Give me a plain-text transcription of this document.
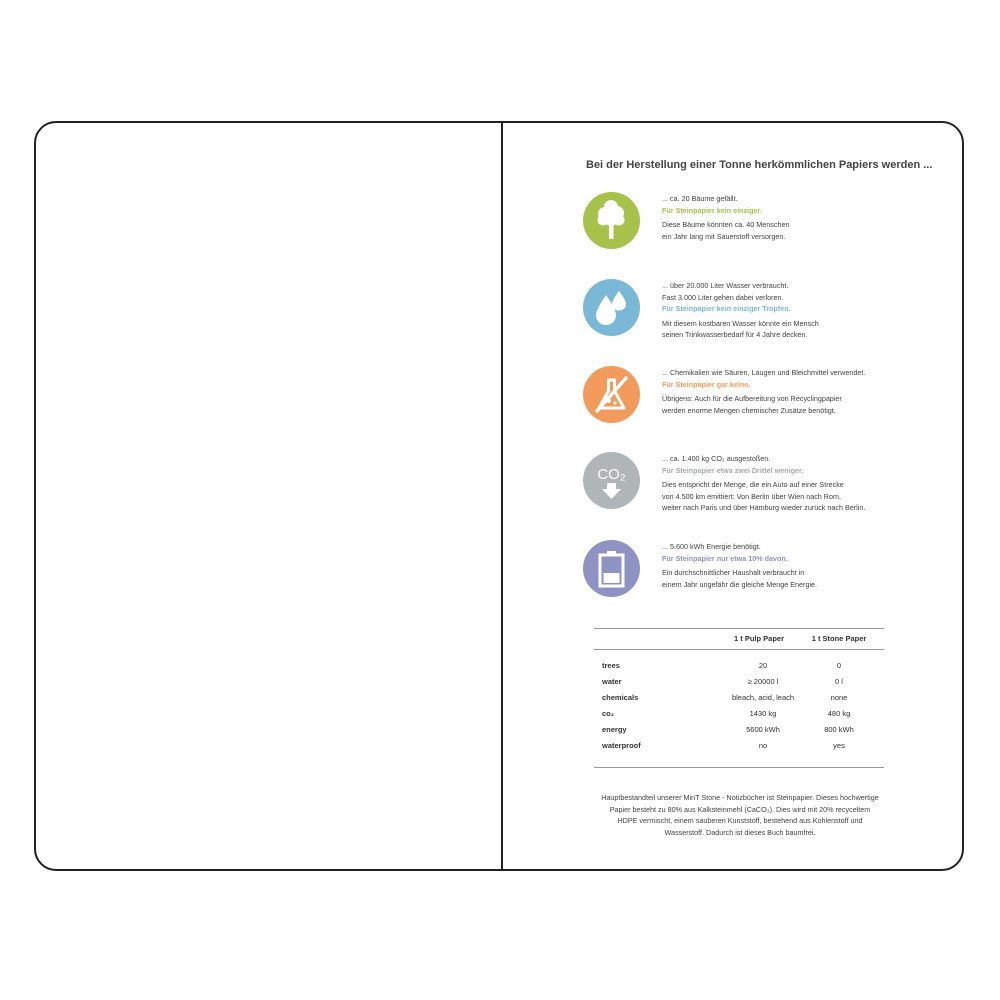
Bei der Herstellung einer Tonne herkömmlichen Papiers werden ...
... ca. 20 Bäume gefällt.
Für Steinpapier kein einziger.
Diese Bäume könnten ca. 40 Menschen
ein Jahr lang mit Sauerstoff versorgen.
... über 20.000 Liter Wasser verbraucht.
Fast 3.000 Liter gehen dabei verloren.
Für Steinpapier kein einziger Tropfen.
Mit diesem kostbaren Wasser könnte ein Mensch
seinen Trinkwasserbedarf für 4 Jahre decken.
... Chemikalien wie Säuren, Laugen und Bleichmittel verwendet.
Für Steinpapier gar keine.
Übrigens: Auch für die Aufbereitung von Recyclingpapier
werden enorme Mengen chemischer Zusätze benötigt.
CO₂
... ca. 1.400 kg CO₂ ausgestoßen.
Für Steinpapier etwa zwei Drittel weniger.
Dies entspricht der Menge, die ein Auto auf einer Strecke
von 4.500 km emittiert: Von Berlin über Wien nach Rom,
weiter nach Paris und über Hamburg wieder zurück nach Berlin.
... 5.600 kWh Energie benötigt.
Für Steinpapier nur etwa 10% davon.
Ein durchschnittlicher Haushalt verbraucht in
einem Jahr ungefähr die gleiche Menge Energie.
1 t Pulp Paper	1 t Stone Paper
trees	20	0
water	≥ 20000 l	0 l
chemicals	bleach, acid, leach	none
co₂	1430 kg	480 kg
energy	5600 kWh	800 kWh
waterproof	no	yes
Hauptbestandteil unserer MinT Stone - Notizbücher ist Steinpapier. Dieses hochwertige
Papier besteht zu 80% aus Kalksteinmehl (CaCO₃). Dies wird mit 20% recyceltem
HDPE vermischt, einem sauberen Kunststoff, bestehend aus Kohlenstoff und
Wasserstoff. Dadurch ist dieses Buch baumfrei.
